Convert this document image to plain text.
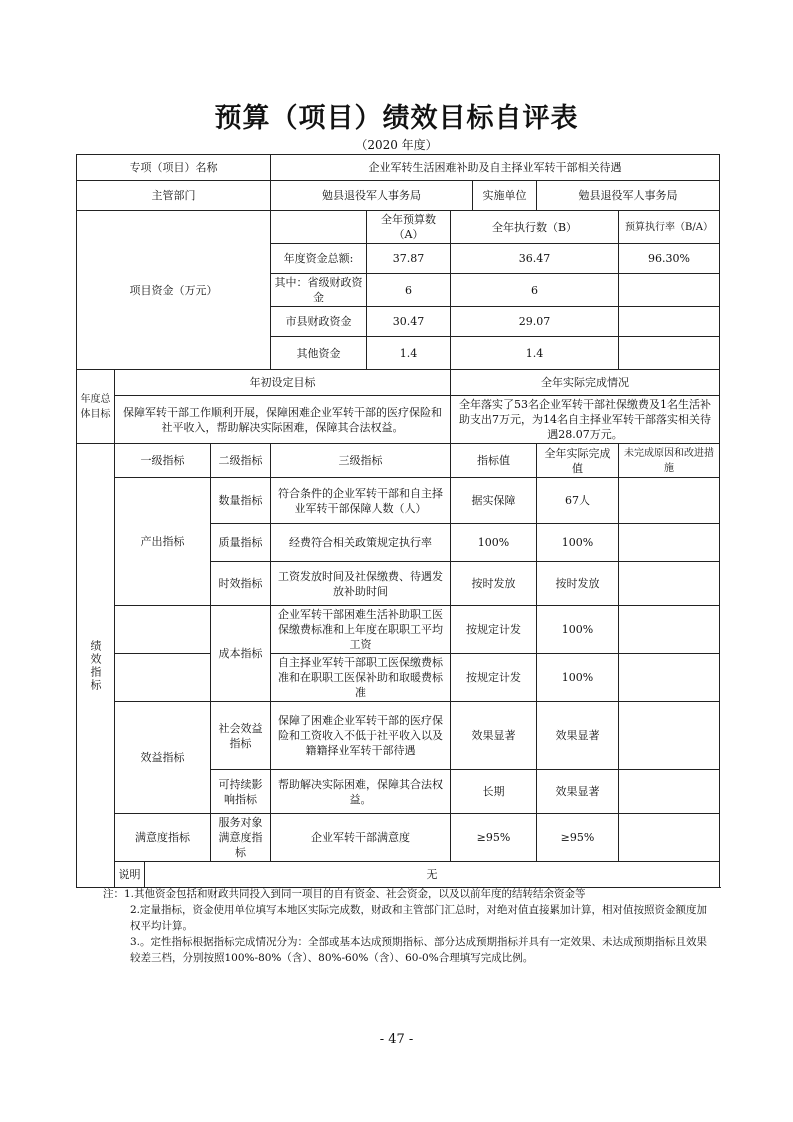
预算（项目）绩效目标自评表
（2020 年度）
专项（项目）名称				企业军转生活困难补助及自主择业军转干部相关待遇					
主管部门				勉县退役军人事务局			实施单位	勉县退役军人事务局	
项目资金（万元）					全年预算数（A）	全年执行数（B）			预算执行率（B/A）
				年度资金总额:	37.87	36.47			96.30%
				其中：省级财政资金	6	6			
				市县财政资金	30.47	29.07			
				其他资金	1.4	1.4			
年度总体目标	年初设定目标					全年实际完成情况			
	保障军转干部工作顺利开展，保障困难企业军转干部的医疗保险和社平收入，帮助解决实际困难，保障其合法权益。					全年落实了53名企业军转干部社保缴费及1名生活补助支出7万元，为14名自主择业军转干部落实相关待遇28.07万元。			
绩效指标	一级指标		二级指标	三级指标		指标值		全年实际完成值	未完成原因和改进措施
	产出指标		数量指标	符合条件的企业军转干部和自主择业军转干部保障人数（人）		据实保障		67人	
			质量指标	经费符合相关政策规定执行率		100%		100%	
			时效指标	工资发放时间及社保缴费、待遇发放补助时间		按时发放		按时发放	
			成本指标	企业军转干部困难生活补助职工医保缴费标准和上年度在职职工平均工资		按规定计发		100%	
				自主择业军转干部职工医保缴费标准和在职职工医保补助和取暖费标准		按规定计发		100%	
	效益指标		社会效益指标	保障了困难企业军转干部的医疗保险和工资收入不低于社平收入以及籍籍择业军转干部待遇		效果显著		效果显著	
			可持续影响指标	帮助解决实际困难，保障其合法权益。		长期		效果显著	
	满意度指标		服务对象满意度指标	企业军转干部满意度		≥95%		≥95%	
	说明	无							

注：1.其他资金包括和财政共同投入到同一项目的自有资金、社会资金，以及以前年度的结转结余资金等

2.定量指标，资金使用单位填写本地区实际完成数，财政和主管部门汇总时，对绝对值直接累加计算，相对值按照资金额度加权平均计算。

3.。定性指标根据指标完成情况分为：全部或基本达成预期指标、部分达成预期指标并具有一定效果、未达成预期指标且效果较差三档，分别按照100%-80%（含）、80%-60%（含）、60-0%合理填写完成比例。

- 47 -
